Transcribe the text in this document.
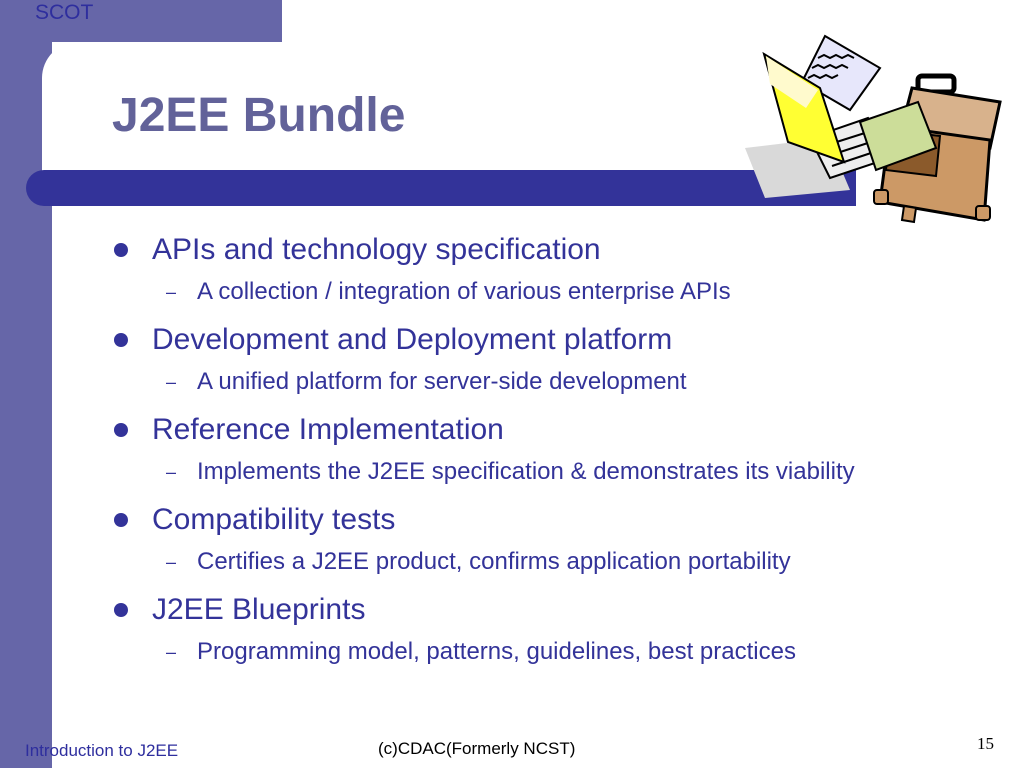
SCOT
J2EE Bundle
APIs and technology specification
– A collection / integration of various enterprise APIs
Development and Deployment platform
– A unified platform for server-side development
Reference Implementation
– Implements the J2EE specification & demonstrates its viability
Compatibility tests
– Certifies a J2EE product, confirms application portability
J2EE Blueprints
– Programming model, patterns, guidelines, best practices
Introduction to J2EE	(c)CDAC(Formerly NCST)	15
